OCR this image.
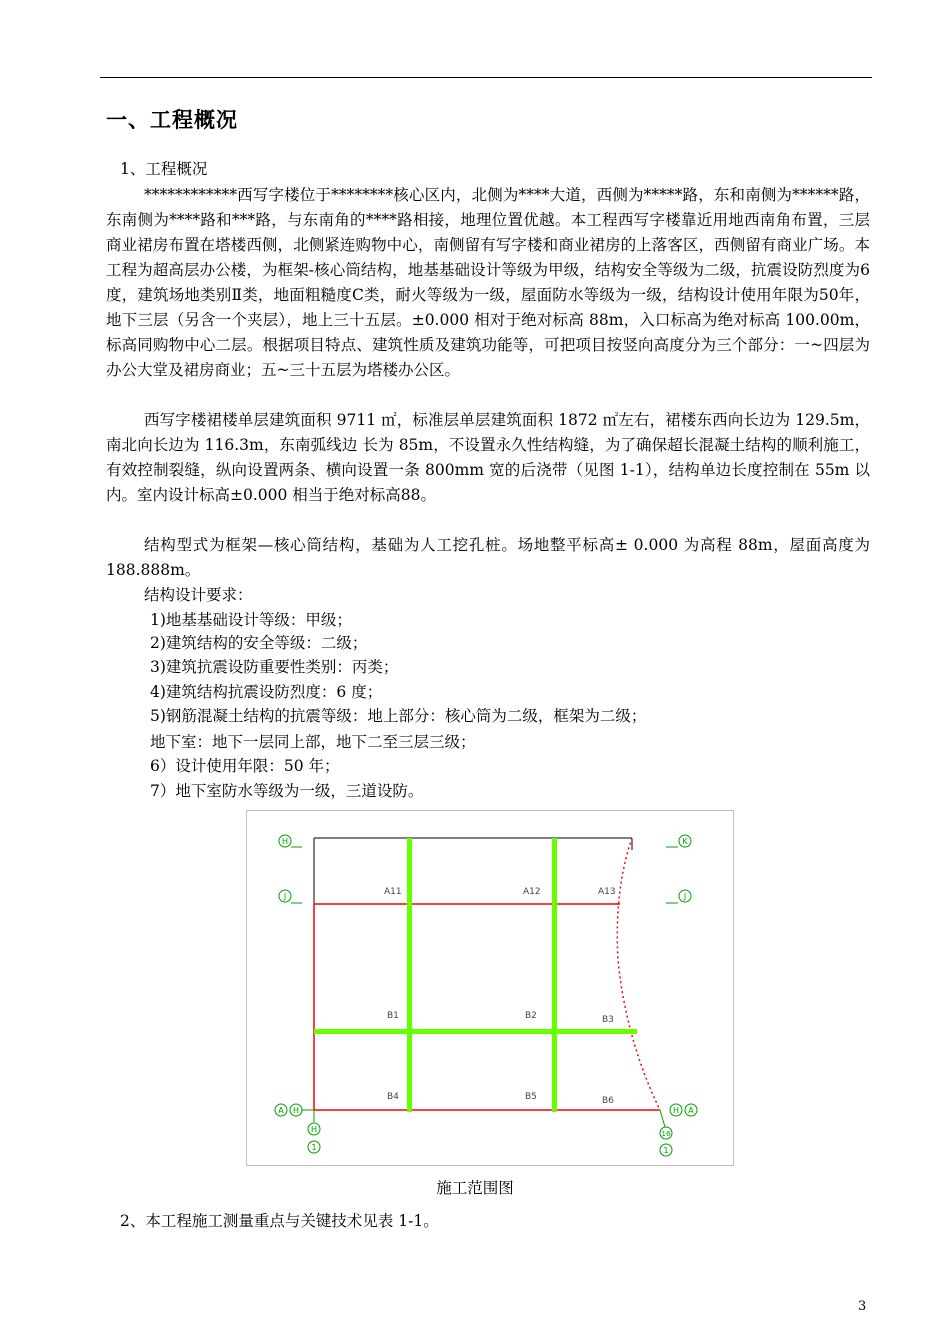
一、工程概况
1、工程概况
************西写字楼位于********核心区内，北侧为****大道，西侧为*****路，东和南侧为******路，东南侧为****路和***路，与东南角的****路相接，地理位置优越。本工程西写字楼靠近用地西南角布置，三层商业裙房布置在塔楼西侧，北侧紧连购物中心，南侧留有写字楼和商业裙房的上落客区，西侧留有商业广场。本工程为超高层办公楼，为框架-核心筒结构，地基基础设计等级为甲级，结构安全等级为二级，抗震设防烈度为6度，建筑场地类别Ⅱ类，地面粗糙度C类，耐火等级为一级，屋面防水等级为一级，结构设计使用年限为50年，地下三层（另含一个夹层），地上三十五层。±0.000 相对于绝对标高 88m，入口标高为绝对标高 100.00m，标高同购物中心二层。根据项目特点、建筑性质及建筑功能等，可把项目按竖向高度分为三个部分：一~四层为办公大堂及裙房商业；五~三十五层为塔楼办公区。
西写字楼裙楼单层建筑面积 9711 ㎡，标准层单层建筑面积 1872 ㎡左右，裙楼东西向长边为 129.5m，南北向长边为 116.3m，东南弧线边 长为 85m，不设置永久性结构缝，为了确保超长混凝土结构的顺利施工，有效控制裂缝，纵向设置两条、横向设置一条 800mm 宽的后浇带（见图 1-1），结构单边长度控制在 55m 以内。室内设计标高±0.000 相当于绝对标高88。
结构型式为框架—核心筒结构，基础为人工挖孔桩。场地整平标高± 0.000 为高程 88m，屋面高度为 188.888m。
结构设计要求：
1)地基基础设计等级：甲级；
2)建筑结构的安全等级：二级；
3)建筑抗震设防重要性类别：丙类；
4)建筑结构抗震设防烈度：6 度；
5)钢筋混凝土结构的抗震等级：地上部分：核心筒为二级，框架为二级；
地下室：地下一层同上部，地下二至三层三级；
6）设计使用年限：50 年；
7）地下室防水等级为一级，三道设防。
A11	A12	A13
B1	B2	B3
B4	B5	B6
H	K
J	J
A H	H A
H
1
16
1
施工范围图
2、本工程施工测量重点与关键技术见表 1-1。
3
